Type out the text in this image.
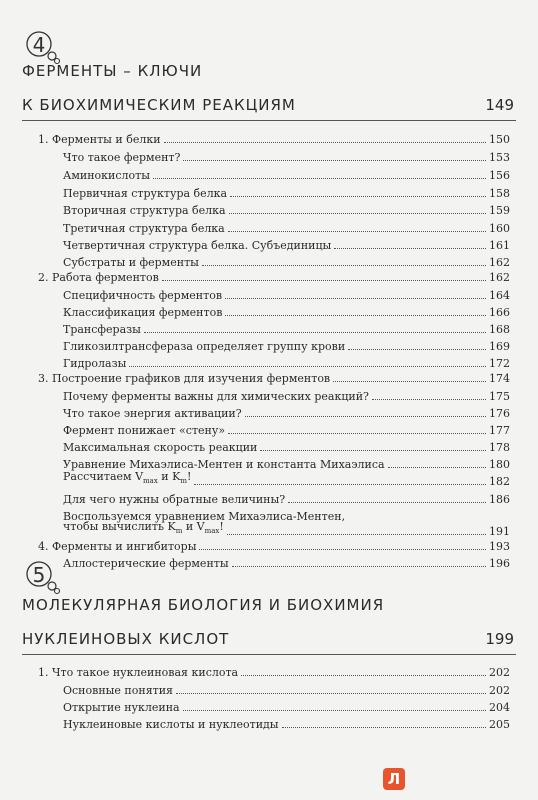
4
ФЕРМЕНТЫ – КЛЮЧИ
К БИОХИМИЧЕСКИМ РЕАКЦИЯМ	149
1. Ферменты и белки	150
Что такое фермент?	153
Аминокислоты	156
Первичная структура белка	158
Вторичная структура белка	159
Третичная структура белка	160
Четвертичная структура белка. Субъединицы	161
Субстраты и ферменты	162
2. Работа ферментов	162
Специфичность ферментов	164
Классификация ферментов	166
Трансферазы	168
Гликозилтрансфераза определяет группу крови	169
Гидролазы	172
3. Построение графиков для изучения ферментов	174
Почему ферменты важны для химических реакций?	175
Что такое энергия активации?	176
Фермент понижает «стену»	177
Максимальная скорость реакции	178
Уравнение Михаэлиса-Ментен и константа Михаэлиса	180
Рассчитаем $V_{max}$ и $K_m$!	182
Для чего нужны обратные величины?	186
Воспользуемся уравнением Михаэлиса-Ментен,
чтобы вычислить $K_m$ и $V_{max}$!	191
4. Ферменты и ингибиторы	193
Аллостерические ферменты	196
5
МОЛЕКУЛЯРНАЯ БИОЛОГИЯ И БИОХИМИЯ
НУКЛЕИНОВЫХ КИСЛОТ	199
1. Что такое нуклеиновая кислота	202
Основные понятия	202
Открытие нуклеина	204
Нуклеиновые кислоты и нуклеотиды	205
Л
